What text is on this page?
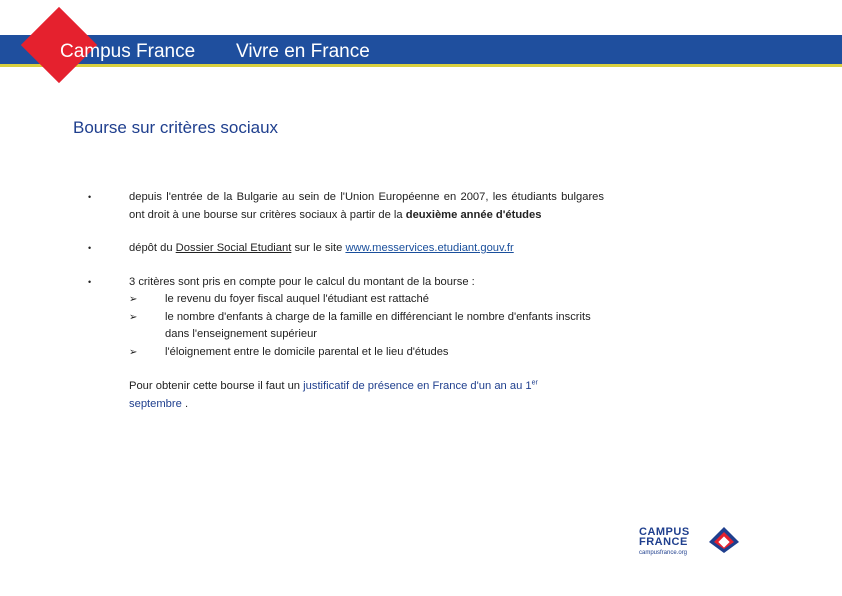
Campus France Vivre en France
Bourse sur critères sociaux
•	depuis l'entrée de la Bulgarie au sein de l'Union Européenne en 2007, les étudiants bulgares ont droit à une bourse sur critères sociaux à partir de la deuxième année d'études
•	dépôt du Dossier Social Etudiant sur le site www.messervices.etudiant.gouv.fr
•	3 critères sont pris en compte pour le calcul du montant de la bourse :
➢ le revenu du foyer fiscal auquel l'étudiant est rattaché
➢ le nombre d'enfants à charge de la famille en différenciant le nombre d'enfants inscrits dans l'enseignement supérieur
➢ l'éloignement entre le domicile parental et le lieu d'études
Pour obtenir cette bourse il faut un justificatif de présence en France d'un an au 1er
septembre .
CAMPUS
FRANCE
campusfrance.org
